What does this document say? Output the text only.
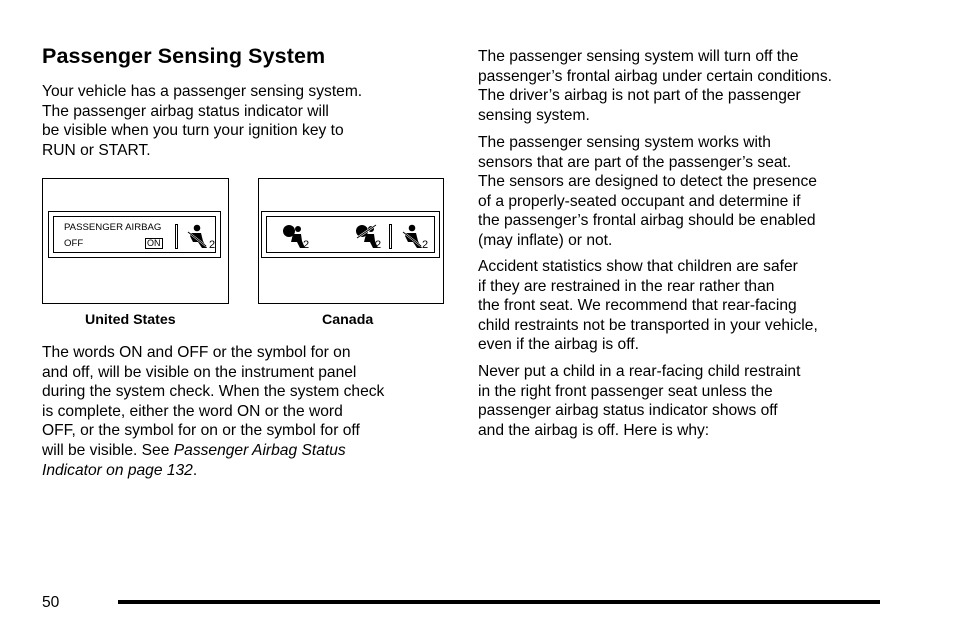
Passenger Sensing System

Your vehicle has a passenger sensing system.
The passenger airbag status indicator will
be visible when you turn your ignition key to
RUN or START.

PASSENGER AIRBAG
OFF	ON	2
United States
2	2	2
Canada

The words ON and OFF or the symbol for on
and off, will be visible on the instrument panel
during the system check. When the system check
is complete, either the word ON or the word
OFF, or the symbol for on or the symbol for off
will be visible. See Passenger Airbag Status
Indicator on page 132.

The passenger sensing system will turn off the
passenger’s frontal airbag under certain conditions.
The driver’s airbag is not part of the passenger
sensing system.

The passenger sensing system works with
sensors that are part of the passenger’s seat.
The sensors are designed to detect the presence
of a properly-seated occupant and determine if
the passenger’s frontal airbag should be enabled
(may inflate) or not.

Accident statistics show that children are safer
if they are restrained in the rear rather than
the front seat. We recommend that rear-facing
child restraints not be transported in your vehicle,
even if the airbag is off.

Never put a child in a rear-facing child restraint
in the right front passenger seat unless the
passenger airbag status indicator shows off
and the airbag is off. Here is why:

50
